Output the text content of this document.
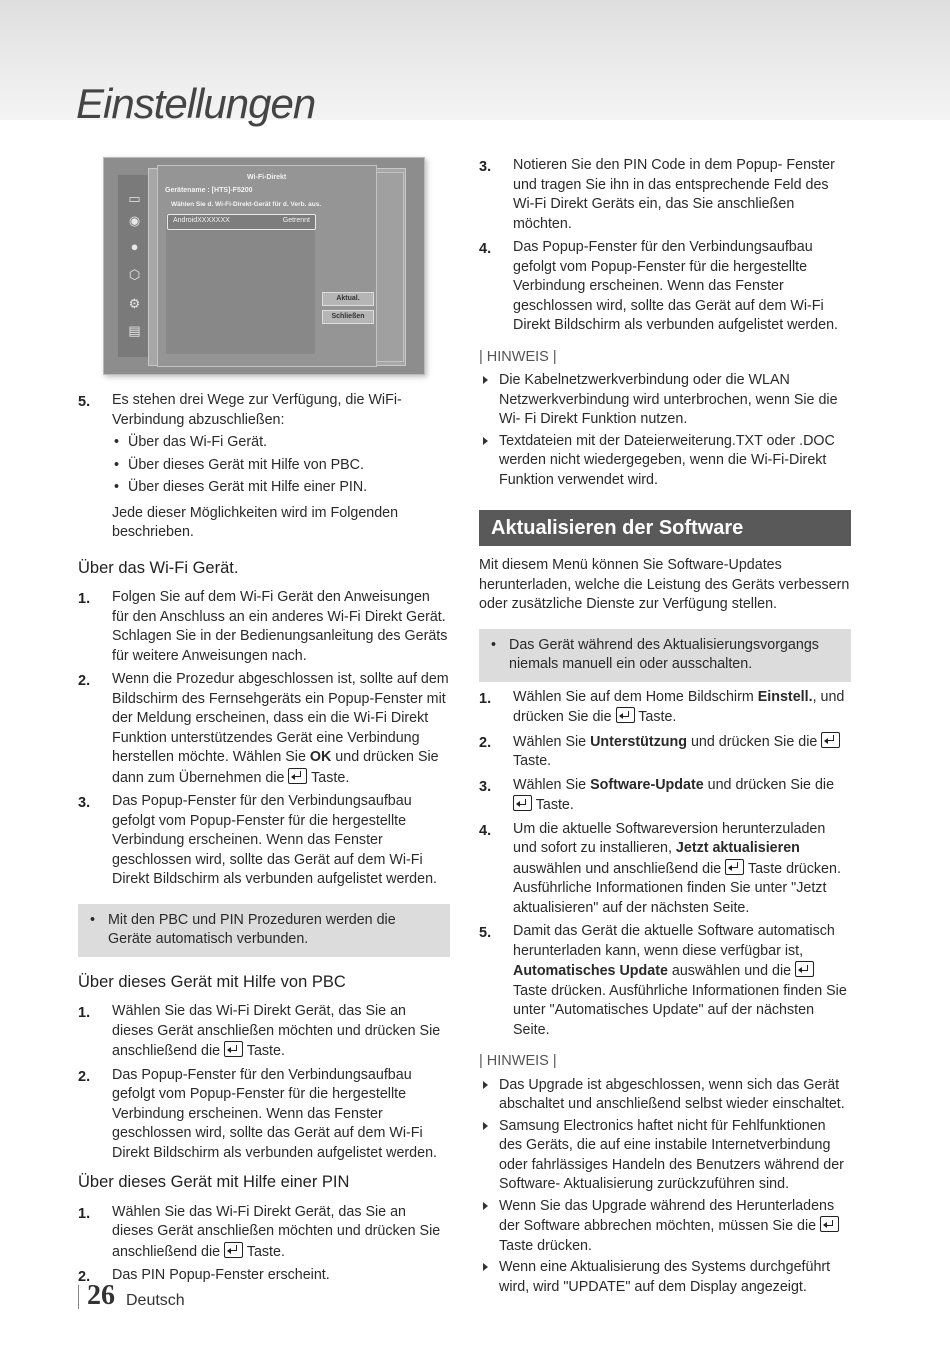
Einstellungen
▭
◉
●
⬡
⚙
▤
Wi-Fi-Direkt
Gerätename : [HTS]-F5200
Wählen Sie d. Wi-Fi-Direkt-Gerät für d. Verb. aus.
AndroidXXXXXXX	Getrennt
Aktual.
Schließen
5. Es stehen drei Wege zur Verfügung, die WiFi-Verbindung abzuschließen:
• Über das Wi-Fi Gerät.
• Über dieses Gerät mit Hilfe von PBC.
• Über dieses Gerät mit Hilfe einer PIN.
Jede dieser Möglichkeiten wird im Folgenden beschrieben.
Über das Wi-Fi Gerät.
1. Folgen Sie auf dem Wi-Fi Gerät den Anweisungen für den Anschluss an ein anderes Wi-Fi Direkt Gerät. Schlagen Sie in der Bedienungsanleitung des Geräts für weitere Anweisungen nach.
2. Wenn die Prozedur abgeschlossen ist, sollte auf dem Bildschirm des Fernsehgeräts ein Popup-Fenster mit der Meldung erscheinen, dass ein die Wi-Fi Direkt Funktion unterstützendes Gerät eine Verbindung herstellen möchte. Wählen Sie OK und drücken Sie dann zum Übernehmen die  Taste.
3. Das Popup-Fenster für den Verbindungsaufbau gefolgt vom Popup-Fenster für die hergestellte Verbindung erscheinen. Wenn das Fenster geschlossen wird, sollte das Gerät auf dem Wi-Fi Direkt Bildschirm als verbunden aufgelistet werden.
• Mit den PBC und PIN Prozeduren werden die Geräte automatisch verbunden.
Über dieses Gerät mit Hilfe von PBC
1. Wählen Sie das Wi-Fi Direkt Gerät, das Sie an dieses Gerät anschließen möchten und drücken Sie anschließend die  Taste.
2. Das Popup-Fenster für den Verbindungsaufbau gefolgt vom Popup-Fenster für die hergestellte Verbindung erscheinen. Wenn das Fenster geschlossen wird, sollte das Gerät auf dem Wi-Fi Direkt Bildschirm als verbunden aufgelistet werden.
Über dieses Gerät mit Hilfe einer PIN
1. Wählen Sie das Wi-Fi Direkt Gerät, das Sie an dieses Gerät anschließen möchten und drücken Sie anschließend die  Taste.
2. Das PIN Popup-Fenster erscheint.
3. Notieren Sie den PIN Code in dem Popup- Fenster und tragen Sie ihn in das entsprechende Feld des Wi-Fi Direkt Geräts ein, das Sie anschließen möchten.
4. Das Popup-Fenster für den Verbindungsaufbau gefolgt vom Popup-Fenster für die hergestellte Verbindung erscheinen. Wenn das Fenster geschlossen wird, sollte das Gerät auf dem Wi-Fi Direkt Bildschirm als verbunden aufgelistet werden.
| HINWEIS |
Die Kabelnetzwerkverbindung oder die WLAN Netzwerkverbindung wird unterbrochen, wenn Sie die Wi- Fi Direkt Funktion nutzen.
Textdateien mit der Dateierweiterung.TXT oder .DOC werden nicht wiedergegeben, wenn die Wi-Fi-Direkt Funktion verwendet wird.
Aktualisieren der Software
Mit diesem Menü können Sie Software-Updates herunterladen, welche die Leistung des Geräts verbessern oder zusätzliche Dienste zur Verfügung stellen.
• Das Gerät während des Aktualisierungsvorgangs niemals manuell ein oder ausschalten.
1. Wählen Sie auf dem Home Bildschirm Einstell., und drücken Sie die  Taste.
2. Wählen Sie Unterstützung und drücken Sie die  Taste.
3. Wählen Sie Software-Update und drücken Sie die  Taste.
4. Um die aktuelle Softwareversion herunterzuladen und sofort zu installieren, Jetzt aktualisieren auswählen und anschließend die  Taste drücken. Ausführliche Informationen finden Sie unter "Jetzt aktualisieren" auf der nächsten Seite.
5. Damit das Gerät die aktuelle Software automatisch herunterladen kann, wenn diese verfügbar ist, Automatisches Update auswählen und die  Taste drücken. Ausführliche Informationen finden Sie unter "Automatisches Update" auf der nächsten Seite.
| HINWEIS |
Das Upgrade ist abgeschlossen, wenn sich das Gerät abschaltet und anschließend selbst wieder einschaltet.
Samsung Electronics haftet nicht für Fehlfunktionen des Geräts, die auf eine instabile Internetverbindung oder fahrlässiges Handeln des Benutzers während der Software- Aktualisierung zurückzuführen sind.
Wenn Sie das Upgrade während des Herunterladens der Software abbrechen möchten, müssen Sie die  Taste drücken.
Wenn eine Aktualisierung des Systems durchgeführt wird, wird "UPDATE" auf dem Display angezeigt.
26 Deutsch
